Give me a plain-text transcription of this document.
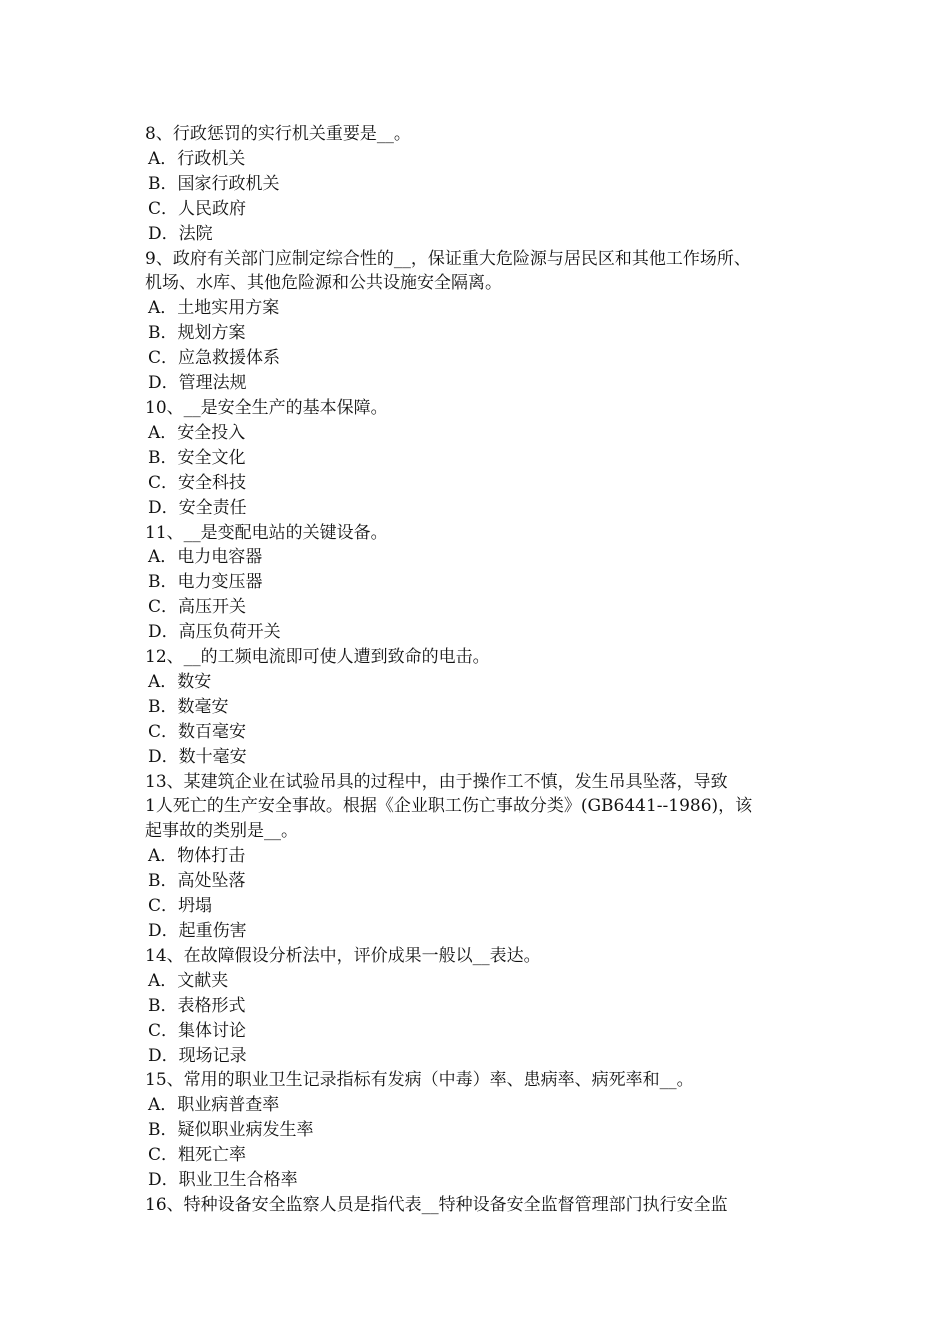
8、行政惩罚的实行机关重要是__。
A．行政机关
B．国家行政机关
C．人民政府
D．法院
9、政府有关部门应制定综合性的__，保证重大危险源与居民区和其他工作场所、
机场、水库、其他危险源和公共设施安全隔离。
A．土地实用方案
B．规划方案
C．应急救援体系
D．管理法规
10、__是安全生产的基本保障。
A．安全投入
B．安全文化
C．安全科技
D．安全责任
11、__是变配电站的关键设备。
A．电力电容器
B．电力变压器
C．高压开关
D．高压负荷开关
12、__的工频电流即可使人遭到致命的电击。
A．数安
B．数毫安
C．数百毫安
D．数十毫安
13、某建筑企业在试验吊具的过程中，由于操作工不慎，发生吊具坠落，导致
1人死亡的生产安全事故。根据《企业职工伤亡事故分类》(GB6441--1986)，该
起事故的类别是__。
A．物体打击
B．高处坠落
C．坍塌
D．起重伤害
14、在故障假设分析法中，评价成果一般以__表达。
A．文献夹
B．表格形式
C．集体讨论
D．现场记录
15、常用的职业卫生记录指标有发病（中毒）率、患病率、病死率和__。
A．职业病普查率
B．疑似职业病发生率
C．粗死亡率
D．职业卫生合格率
16、特种设备安全监察人员是指代表__特种设备安全监督管理部门执行安全监
